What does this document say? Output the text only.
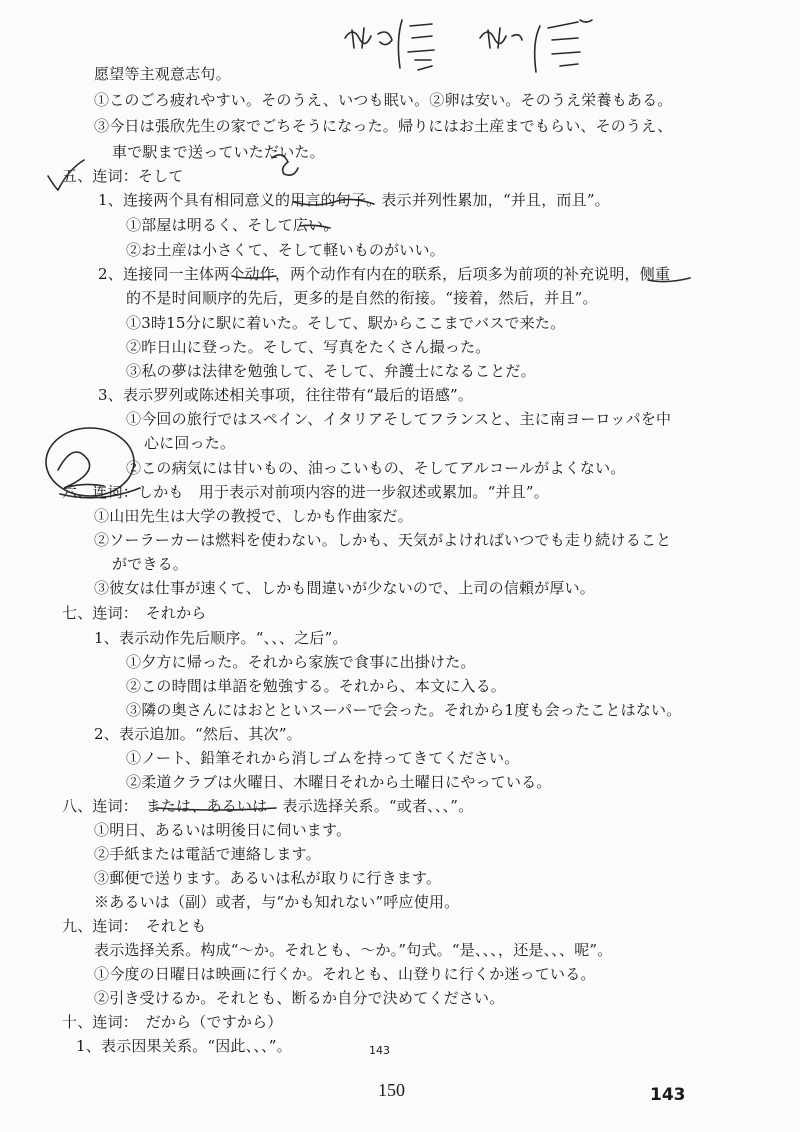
愿望等主观意志句。
①このごろ疲れやすい。そのうえ、いつも眠い。②卵は安い。そのうえ栄養もある。
③今日は張欣先生の家でごちそうになった。帰りにはお土産までもらい、そのうえ、
車で駅まで送っていただいた。
五、连词：そして
1、连接两个具有相同意义的用言的句子。表示并列性累加，“并且，而且”。
①部屋は明るく、そして広い。
②お土産は小さくて、そして軽いものがいい。
2、连接同一主体两个动作，两个动作有内在的联系，后项多为前项的补充说明，侧重
的不是时间顺序的先后，更多的是自然的衔接。“接着，然后，并且”。
①3時15分に駅に着いた。そして、駅からここまでバスで来た。
②昨日山に登った。そして、写真をたくさん撮った。
③私の夢は法律を勉強して、そして、弁護士になることだ。
3、表示罗列或陈述相关事项，往往带有“最后的语感”。
①今回の旅行ではスペイン、イタリアそしてフランスと、主に南ヨーロッパを中
心に回った。
②この病気には甘いもの、油っこいもの、そしてアルコールがよくない。
六、连词：しかも　用于表示对前项内容的进一步叙述或累加。“并且”。
①山田先生は大学の教授で、しかも作曲家だ。
②ソーラーカーは燃料を使わない。しかも、天気がよければいつでも走り続けること
ができる。
③彼女は仕事が速くて、しかも間違いが少ないので、上司の信頼が厚い。
七、连词：　それから
1、表示动作先后顺序。“、、、之后”。
①夕方に帰った。それから家族で食事に出掛けた。
②この時間は単語を勉強する。それから、本文に入る。
③隣の奥さんにはおとといスーパーで会った。それから1度も会ったことはない。
2、表示追加。“然后、其次”。
①ノート、鉛筆それから消しゴムを持ってきてください。
②柔道クラブは火曜日、木曜日それから土曜日にやっている。
八、连词：　または、あるいは　表示选择关系。“或者、、、”。
①明日、あるいは明後日に伺います。
②手紙または電話で連絡します。
③郵便で送ります。あるいは私が取りに行きます。
※あるいは（副）或者，与“かも知れない”呼应使用。
九、连词：　それとも
表示选择关系。构成“～か。それとも、～か。”句式。“是、、、，还是、、、呢”。
①今度の日曜日は映画に行くか。それとも、山登りに行くか迷っている。
②引き受けるか。それとも、断るか自分で決めてください。
十、连词：　だから（ですから）
1、表示因果关系。“因此、、、”。	143
150	143
